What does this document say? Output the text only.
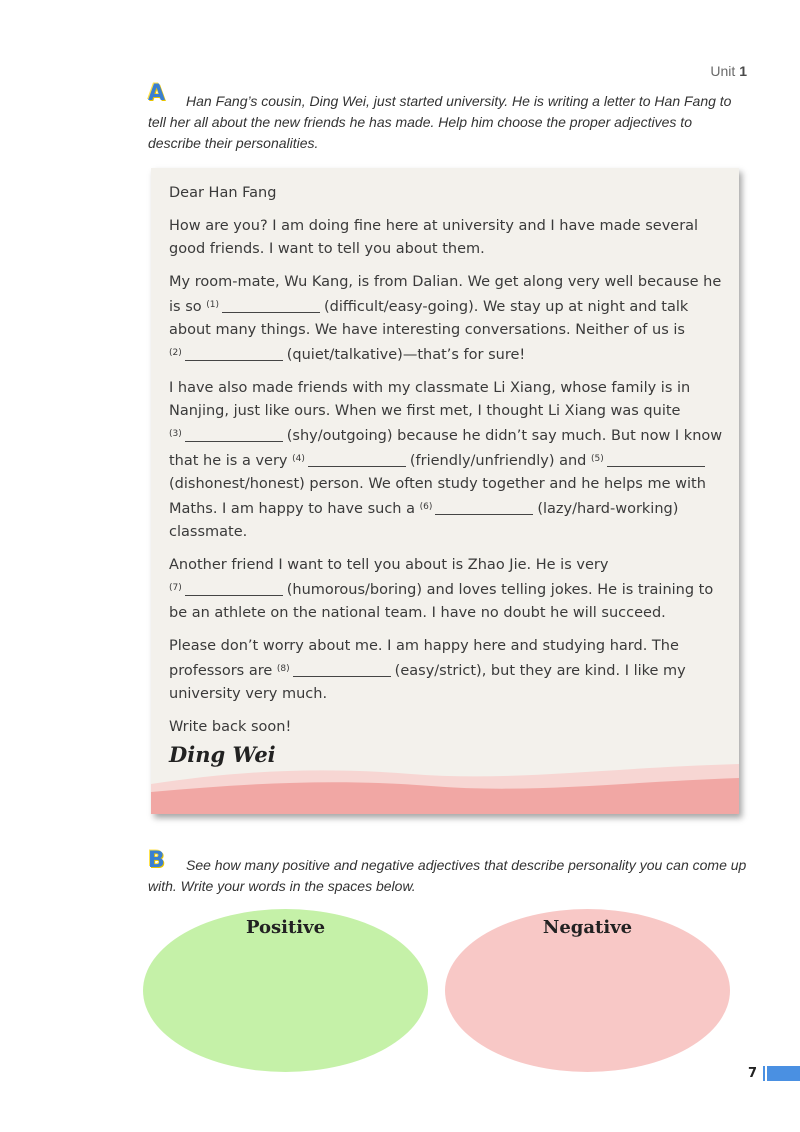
Unit 1
A	Han Fang’s cousin, Ding Wei, just started university. He is writing a letter to Han Fang to tell her all about the new friends he has made. Help him choose the proper adjectives to describe their personalities.

Dear Han Fang

How are you? I am doing fine here at university and I have made several good friends. I want to tell you about them.

My room-mate, Wu Kang, is from Dalian. We get along very well because he is so $^{(1)}$	(difficult/easy-going). We stay up at night and talk about many things. We have interesting conversations. Neither of us is
$^{(2)}$	(quiet/talkative)—that’s for sure!

I have also made friends with my classmate Li Xiang, whose family is in Nanjing, just like ours. When we first met, I thought Li Xiang was quite
$^{(3)}$	(shy/outgoing) because he didn’t say much. But now I know that he is a very $^{(4)}$	(friendly/unfriendly) and $^{(5)}$(dishonest/honest) person. We often study together and he helps me with Maths. I am happy to have such a $^{(6)}$	(lazy/hard-working) classmate.

Another friend I want to tell you about is Zhao Jie. He is very
$^{(7)}$	(humorous/boring) and loves telling jokes. He is training to be an athlete on the national team. I have no doubt he will succeed.

Please don’t worry about me. I am happy here and studying hard. The professors are $^{(8)}$	(easy/strict), but they are kind. I like my university very much.

Write back soon!

Ding Wei
B	See how many positive and negative adjectives that describe personality you can come up with. Write your words in the spaces below.
Positive	Negative
7
